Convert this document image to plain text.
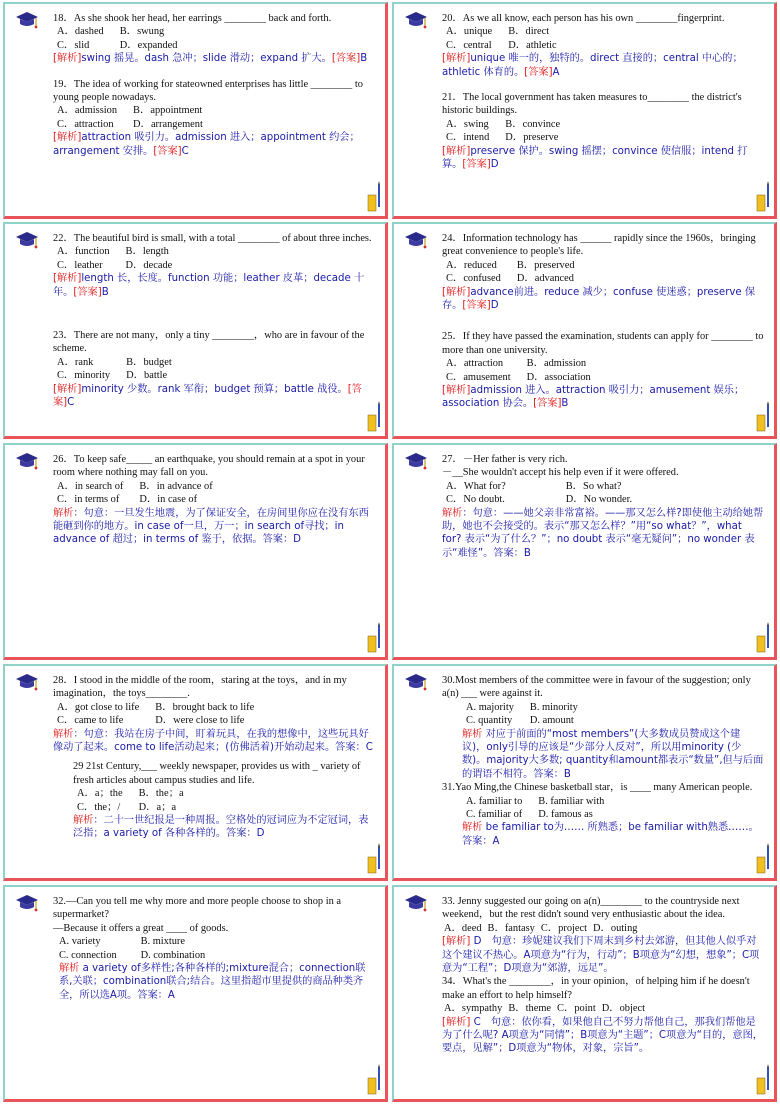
18．As she shook her head, her earrings ________ back and forth.

A．dashed	B．swung
C．slid	D．expanded

[解析]swing 摇晃。dash 急冲；slide 滑动；expand 扩大。[答案]B

19．The idea of working for stateowned enterprises has little ________ to young people nowadays.

A．admission	B．appointment
C．attraction	D．arrangement

[解析]attraction 吸引力。admission 进入；appointment 约会；arrangement 安排。[答案]C

20．As we all know, each person has his own ________fingerprint.

A．unique	B．direct
C．central	D．athletic

[解析]unique 唯一的，独特的。direct 直接的；central 中心的；athletic 体育的。[答案]A

21．The local government has taken measures to________ the district's historic buildings.

A．swing	B．convince
C．intend	D．preserve

[解析]preserve 保护。swing 摇摆；convince 使信服；intend 打算。[答案]D

22．The beautiful bird is small, with a total ________ of about three inches.

A．function	B．length
C．leather	D．decade

[解析]length 长，长度。function 功能；leather 皮革；decade 十年。[答案]B

23．There are not many，only a tiny ________，who are in favour of the scheme.

A．rank	B．budget
C．minority	D．battle

[解析]minority 少数。rank 军衔；budget 预算；battle 战役。[答案]C

24．Information technology has ______ rapidly since the 1960s，bringing great convenience to people's life.

A．reduced	B．preserved
C．confused	D．advanced

[解析]advance前进。reduce 减少；confuse 使迷惑；preserve 保存。[答案]D

25．If they have passed the examination, students can apply for ________ to more than one university.

A．attraction	B．admission
C．amusement	D．association

[解析]admission 进入。attraction 吸引力；amusement 娱乐；association 协会。[答案]B

26．To keep safe_____ an earthquake, you should remain at a spot in your room where nothing may fall on you.

A．in search of	B．in advance of
C．in terms of	D．in case of

解析：句意：一旦发生地震，为了保证安全，在房间里你应在没有东西能砸到你的地方。in case of一旦，万一；in search of寻找；in advance of 超过；in terms of 鉴于，依据。答案：D

27．－Her father is very rich.
－__She wouldn't accept his help even if it were offered.

A．What for?	B．So what?
C．No doubt.	D．No wonder.

解析：句意：——她父亲非常富裕。——那又怎么样?即使他主动给她帮助，她也不会接受的。表示“那又怎么样？”用“so what？”，what for? 表示“为了什么？”；no doubt 表示“毫无疑问”；no wonder 表示“难怪”。答案：B

28．I stood in the middle of the room，staring at the toys，and in my imagination，the toys________.

A．got close to life	B．brought back to life
C．came to life	D．were close to life

解析：句意：我站在房子中间，盯着玩具，在我的想像中，这些玩具好像动了起来。come to life活动起来；(仿佛活着)开始动起来。答案：C

29 21st Century,___ weekly newspaper, provides us with _ variety of fresh articles about campus studies and life.

A．a；the	B．the；a
C．the；/	D．a；a

解析：二十一世纪报是一种周报。空格处的冠词应为不定冠词，表泛指；a variety of 各种各样的。答案：D

30.Most members of the committee were in favour of the suggestion; only a(n) ___ were against it.

A. majority	B. minority
C. quantity	D. amount

解析 对应于前面的“most members”(大多数成员赞成这个建议)，only引导的应该是“少部分人反对”，所以用minority (少数)。majority大多数; quantity和amount都表示“数量”,但与后面的谓语不相符。答案：B

31.Yao Ming,the Chinese basketball star，is ____ many American people.

A. familiar to	B. familiar with
C. familiar of	D. famous as

解析 be familiar to为…… 所熟悉；be familiar with熟悉……。答案：A

32.—Can you tell me why more and more people choose to shop in a supermarket?
—Because it offers a great ____ of goods.

A. variety	B. mixture
C. connection	D. combination

解析 a variety of多样性;各种各样的;mixture混合；connection联系,关联；combination联合;结合。这里指超市里提供的商品种类齐全，所以选A项。答案：A

33. Jenny suggested our going on a(n)________ to the countryside next weekend，but the rest didn't sound very enthusiastic about the idea.

A．deed B．fantasy C．project D．outing

[解析] D　句意：珍妮建议我们下周末到乡村去郊游，但其他人似乎对这个建议不热心。A项意为“行为，行动”；B项意为“幻想，想象”；C项意为“工程”；D项意为“郊游，远足”。

34．What's the ________，in your opinion，of helping him if he doesn't make an effort to help himself?

A．sympathy B．theme C．point D．object

[解析] C　句意：依你看，如果他自己不努力帮他自己，那我们帮他是为了什么呢? A项意为“同情”；B项意为“主题”；C项意为“目的，意图，要点，见解”；D项意为“物体，对象，宗旨”。
